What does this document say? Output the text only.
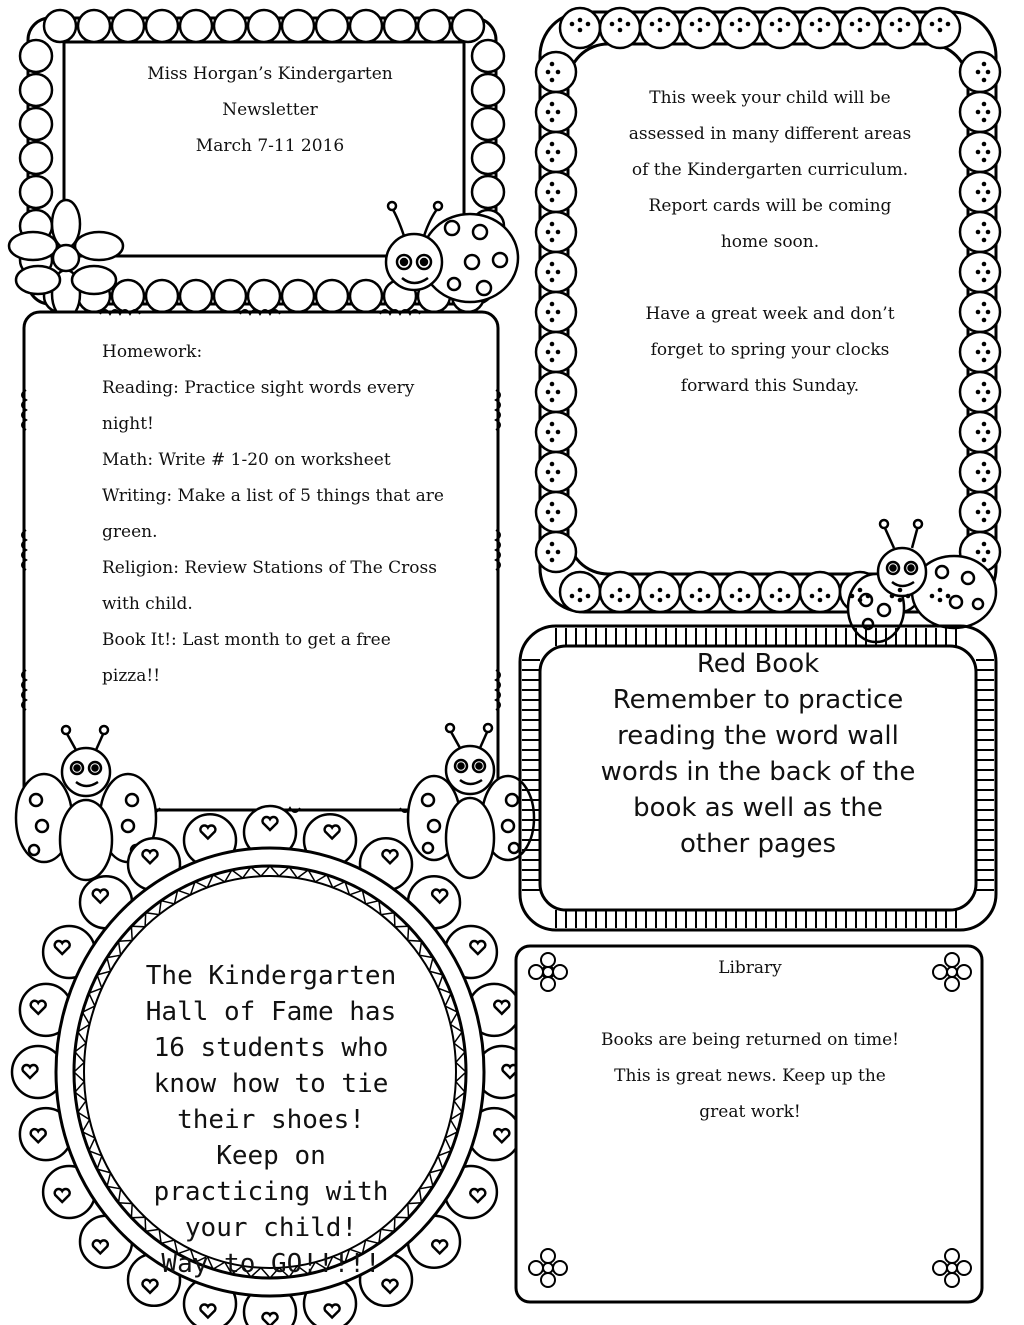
Miss Horgan’s Kindergarten
Newsletter
March 7-11 2016
This week your child will be
assessed in many different areas
of the Kindergarten curriculum.
Report cards will be coming
home soon.
Have a great week and don’t
forget to spring your clocks
forward this Sunday.
Homework:
Reading: Practice sight words every
night!
Math: Write # 1-20 on worksheet
Writing: Make a list of 5 things that are
green.
Religion: Review Stations of The Cross
with child.
Book It!: Last month to get a free
pizza!!	Red Book
Remember to practice
reading the word wall
words in the back of the
book as well as the
other pages
The Kindergarten
Hall of Fame has
16 students who
know how to tie
their shoes!
Keep on
practicing with
your child!
Way to GO!!!!!
Library
Books are being returned on time!
This is great news. Keep up the
great work!
